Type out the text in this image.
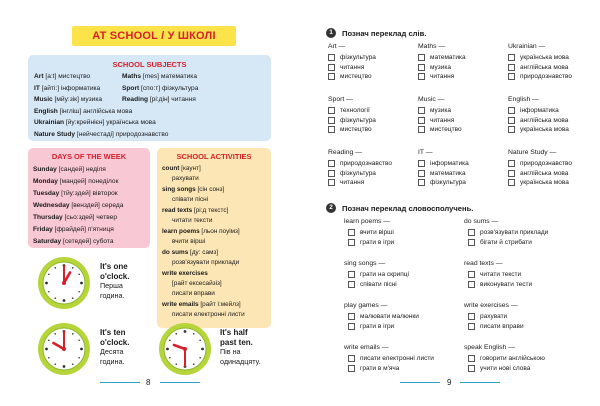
AT SCHOOL / У ШКОЛІ
SCHOOL SUBJECTS
Art [a:t] мистецтво	Maths [mes] математика
IT [айті:] інформатика	Sport [спо:т] фізкультура
Music [мйу:зік] музика	Reading [рі:дін] читання
English [інгліш] англійська мова
Ukrainian [йу:крейнієн] українська мова
Nature Study [нейчестаді] природознавство
DAYS OF THE WEEK
Sunday [сандей] неділя
Monday [мандей] понеділок
Tuesday [тйу:здей] вівторок
Wednesday [венздей] середа
Thursday [сьо:здей] четвер
Friday [фрайдей] п'ятниця
Saturday [сетедей] субота
SCHOOL ACTIVITIES
count [каунт]
рахувати
sing songs [сін сонз]
співати пісні
read texts [рі:д текстс]
читати тексти
learn poems [льон поуімз]
вчити вірші
do sums [ду: самз]
розв'язувати приклади
write exercises
[райт ексесайзіз]
писати вправи
write emails [райт і:мейлз]
писати електронні листи
It's one
o'clock.
Перша
година.
It's ten
o'clock.
Десята
година.
It's half
past ten.
Пів на
одинадцяту.
8
1	Познач переклад слів.
Art —
фізкультура
читання
мистецтво
Maths —
математика
музика
читання
Ukrainian —
українська мова
англійська мова
природознавство
Sport —
технології
фізкультура
мистецтво
Music —
музика
читання
мистецтво
English —
інформатика
англійська мова
українська мова
Reading —
природознавство
фізкультура
читання
IT —
інформатика
математика
фізкультура
Nature Study —
природознавство
англійська мова
українська мова
2	Познач переклад словосполучень.
learn poems —
вчити вірші
грати в ігри
do sums —
розв'язувати приклади
бігати й стрибати
sing songs —
грати на скрипці
співати пісні
read texts —
читати тексти
виконувати тести
play games —
малювати малюнки
грати в ігри
write exercises —
рахувати
писати вправи
write emails —
писати електронні листи
грати в м'яча
speak English —
говорити англійською
учити нові слова
9
